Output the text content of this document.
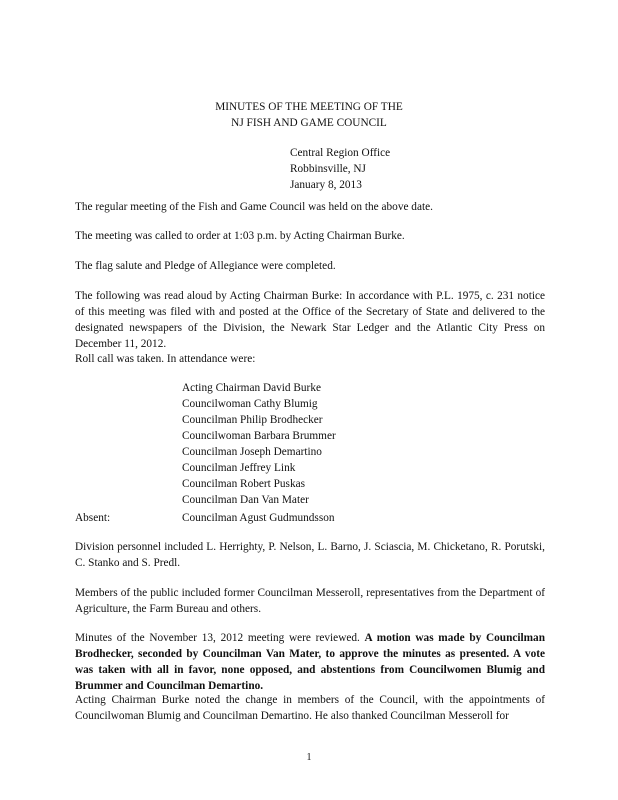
MINUTES OF THE MEETING OF THE
NJ FISH AND GAME COUNCIL
Central Region Office
Robbinsville, NJ
January 8, 2013

The regular meeting of the Fish and Game Council was held on the above date.

The meeting was called to order at 1:03 p.m. by Acting Chairman Burke.

The flag salute and Pledge of Allegiance were completed.

The following was read aloud by Acting Chairman Burke: In accordance with P.L. 1975, c. 231 notice of this meeting was filed with and posted at the Office of the Secretary of State and delivered to the designated newspapers of the Division, the Newark Star Ledger and the Atlantic City Press on December 11, 2012.

Roll call was taken. In attendance were:

Acting Chairman David Burke
Councilwoman Cathy Blumig
Councilman Philip Brodhecker
Councilwoman Barbara Brummer
Councilman Joseph Demartino
Councilman Jeffrey Link
Councilman Robert Puskas
Councilman Dan Van Mater
Absent:	Councilman Agust Gudmundsson

Division personnel included L. Herrighty, P. Nelson, L. Barno, J. Sciascia, M. Chicketano, R. Porutski, C. Stanko and S. Predl.

Members of the public included former Councilman Messeroll, representatives from the Department of Agriculture, the Farm Bureau and others.

Minutes of the November 13, 2012 meeting were reviewed. A motion was made by Councilman Brodhecker, seconded by Councilman Van Mater, to approve the minutes as presented. A vote was taken with all in favor, none opposed, and abstentions from Councilwomen Blumig and Brummer and Councilman Demartino.

Acting Chairman Burke noted the change in members of the Council, with the appointments of Councilwoman Blumig and Councilman Demartino. He also thanked Councilman Messeroll for

1
